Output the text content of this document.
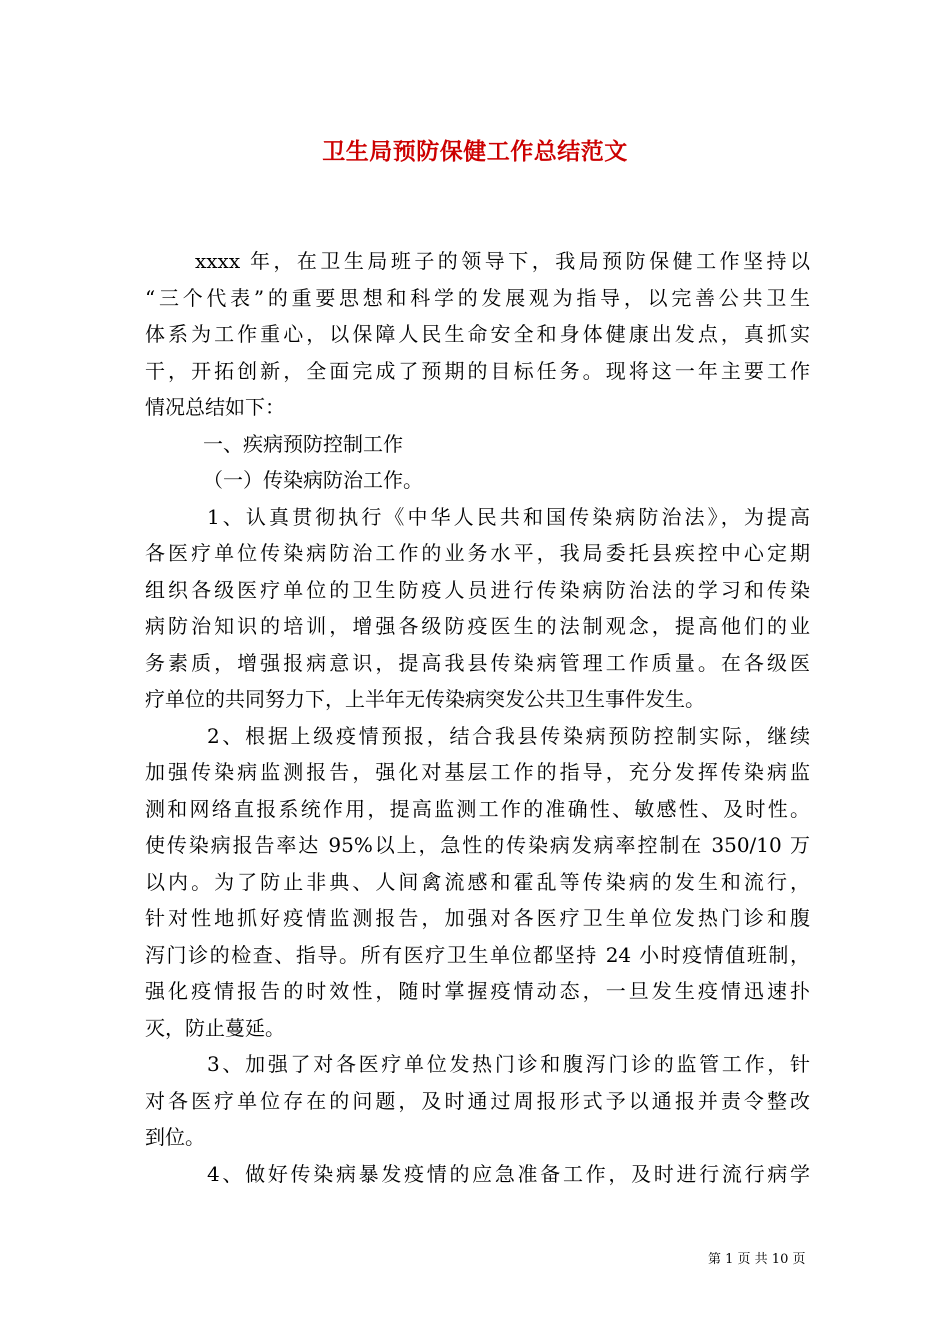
卫生局预防保健工作总结范文
xxxx 年，在卫生局班子的领导下，我局预防保健工作坚持以
“三个代表”的重要思想和科学的发展观为指导，以完善公共卫生
体系为工作重心，以保障人民生命安全和身体健康出发点，真抓实
干，开拓创新，全面完成了预期的目标任务。现将这一年主要工作
情况总结如下：
一、疾病预防控制工作
（一）传染病防治工作。
1、认真贯彻执行《中华人民共和国传染病防治法》，为提高
各医疗单位传染病防治工作的业务水平，我局委托县疾控中心定期
组织各级医疗单位的卫生防疫人员进行传染病防治法的学习和传染
病防治知识的培训，增强各级防疫医生的法制观念，提高他们的业
务素质，增强报病意识，提高我县传染病管理工作质量。在各级医
疗单位的共同努力下，上半年无传染病突发公共卫生事件发生。
2、根据上级疫情预报，结合我县传染病预防控制实际，继续
加强传染病监测报告，强化对基层工作的指导，充分发挥传染病监
测和网络直报系统作用，提高监测工作的准确性、敏感性、及时性。
使传染病报告率达 95%以上，急性的传染病发病率控制在 350/10 万
以内。为了防止非典、人间禽流感和霍乱等传染病的发生和流行，
针对性地抓好疫情监测报告，加强对各医疗卫生单位发热门诊和腹
泻门诊的检查、指导。所有医疗卫生单位都坚持 24 小时疫情值班制，
强化疫情报告的时效性，随时掌握疫情动态，一旦发生疫情迅速扑
灭，防止蔓延。
3、加强了对各医疗单位发热门诊和腹泻门诊的监管工作，针
对各医疗单位存在的问题，及时通过周报形式予以通报并责令整改
到位。
4、做好传染病暴发疫情的应急准备工作，及时进行流行病学
第 1 页 共 10 页
